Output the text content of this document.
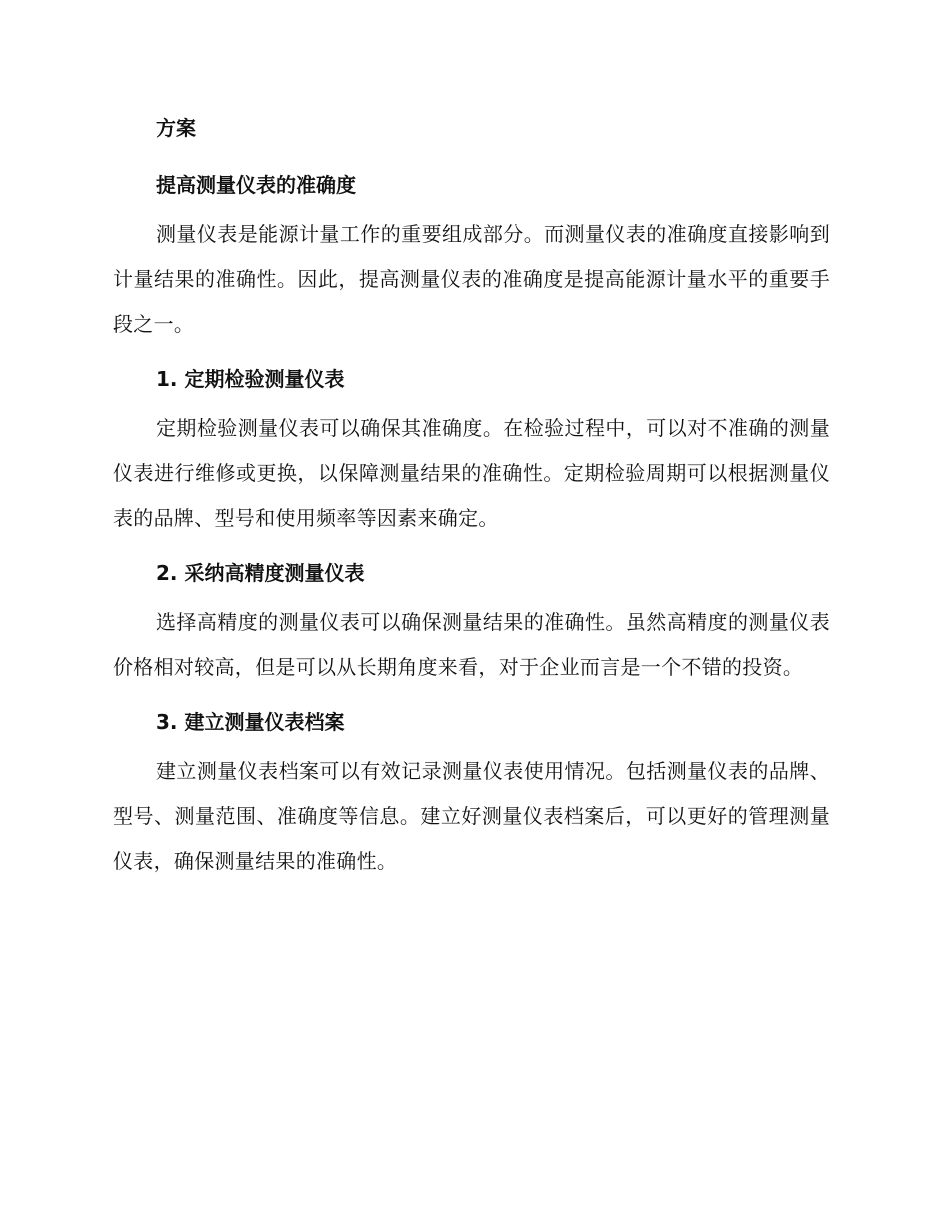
方案

提高测量仪表的准确度

测量仪表是能源计量工作的重要组成部分。而测量仪表的准确度直接影响到计量结果的准确性。因此，提高测量仪表的准确度是提高能源计量水平的重要手段之一。

1. 定期检验测量仪表

定期检验测量仪表可以确保其准确度。在检验过程中，可以对不准确的测量仪表进行维修或更换，以保障测量结果的准确性。定期检验周期可以根据测量仪表的品牌、型号和使用频率等因素来确定。

2. 采纳高精度测量仪表

选择高精度的测量仪表可以确保测量结果的准确性。虽然高精度的测量仪表价格相对较高，但是可以从长期角度来看，对于企业而言是一个不错的投资。

3. 建立测量仪表档案

建立测量仪表档案可以有效记录测量仪表使用情况。包括测量仪表的品牌、型号、测量范围、准确度等信息。建立好测量仪表档案后，可以更好的管理测量仪表，确保测量结果的准确性。
